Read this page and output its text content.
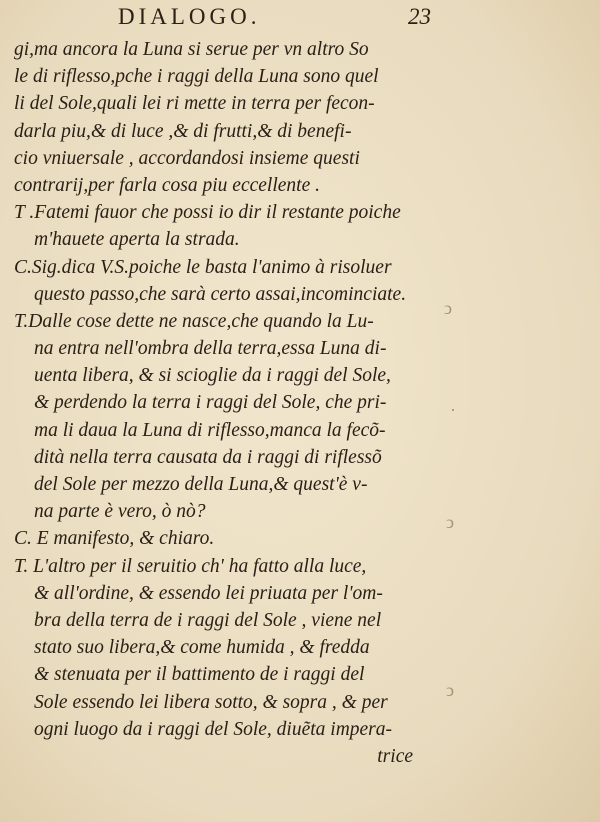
DIALOGO.	23
gi,ma ancora la Luna si serue per vn altro So
le di riflesso,pche i raggi della Luna sono quel
li del Sole,quali lei ri mette in terra per fecon-
darla piu,& di luce ,& di frutti,& di benefi-
cio vniuersale , accordandosi insieme questi
contrarij,per farla cosa piu eccellente .
T .Fatemi fauor che possi io dir il restante poiche
m'hauete aperta la strada.
C.Sig.dica V.S.poiche le basta l'animo à risoluer
questo passo,che sarà certo assai,incominciate.
T.Dalle cose dette ne nasce,che quando la Lu-
na entra nell'ombra della terra,essa Luna di-
uenta libera, & si scioglie da i raggi del Sole,
& perdendo la terra i raggi del Sole, che pri-
ma li daua la Luna di riflesso,manca la fecõ-
dità nella terra causata da i raggi di riflessõ
del Sole per mezzo della Luna,& quest'è v-
na parte è vero, ò nò?
C. E manifesto, & chiaro.
T. L'altro per il seruitio ch' ha fatto alla luce,
& all'ordine, & essendo lei priuata per l'om-
bra della terra de i raggi del Sole , viene nel
stato suo libera,& come humida , & fredda
& stenuata per il battimento de i raggi del
Sole essendo lei libera sotto, & sopra , & per
ogni luogo da i raggi del Sole, diuẽta impera-
trice
ↄ
·
ↄ
ↄ
